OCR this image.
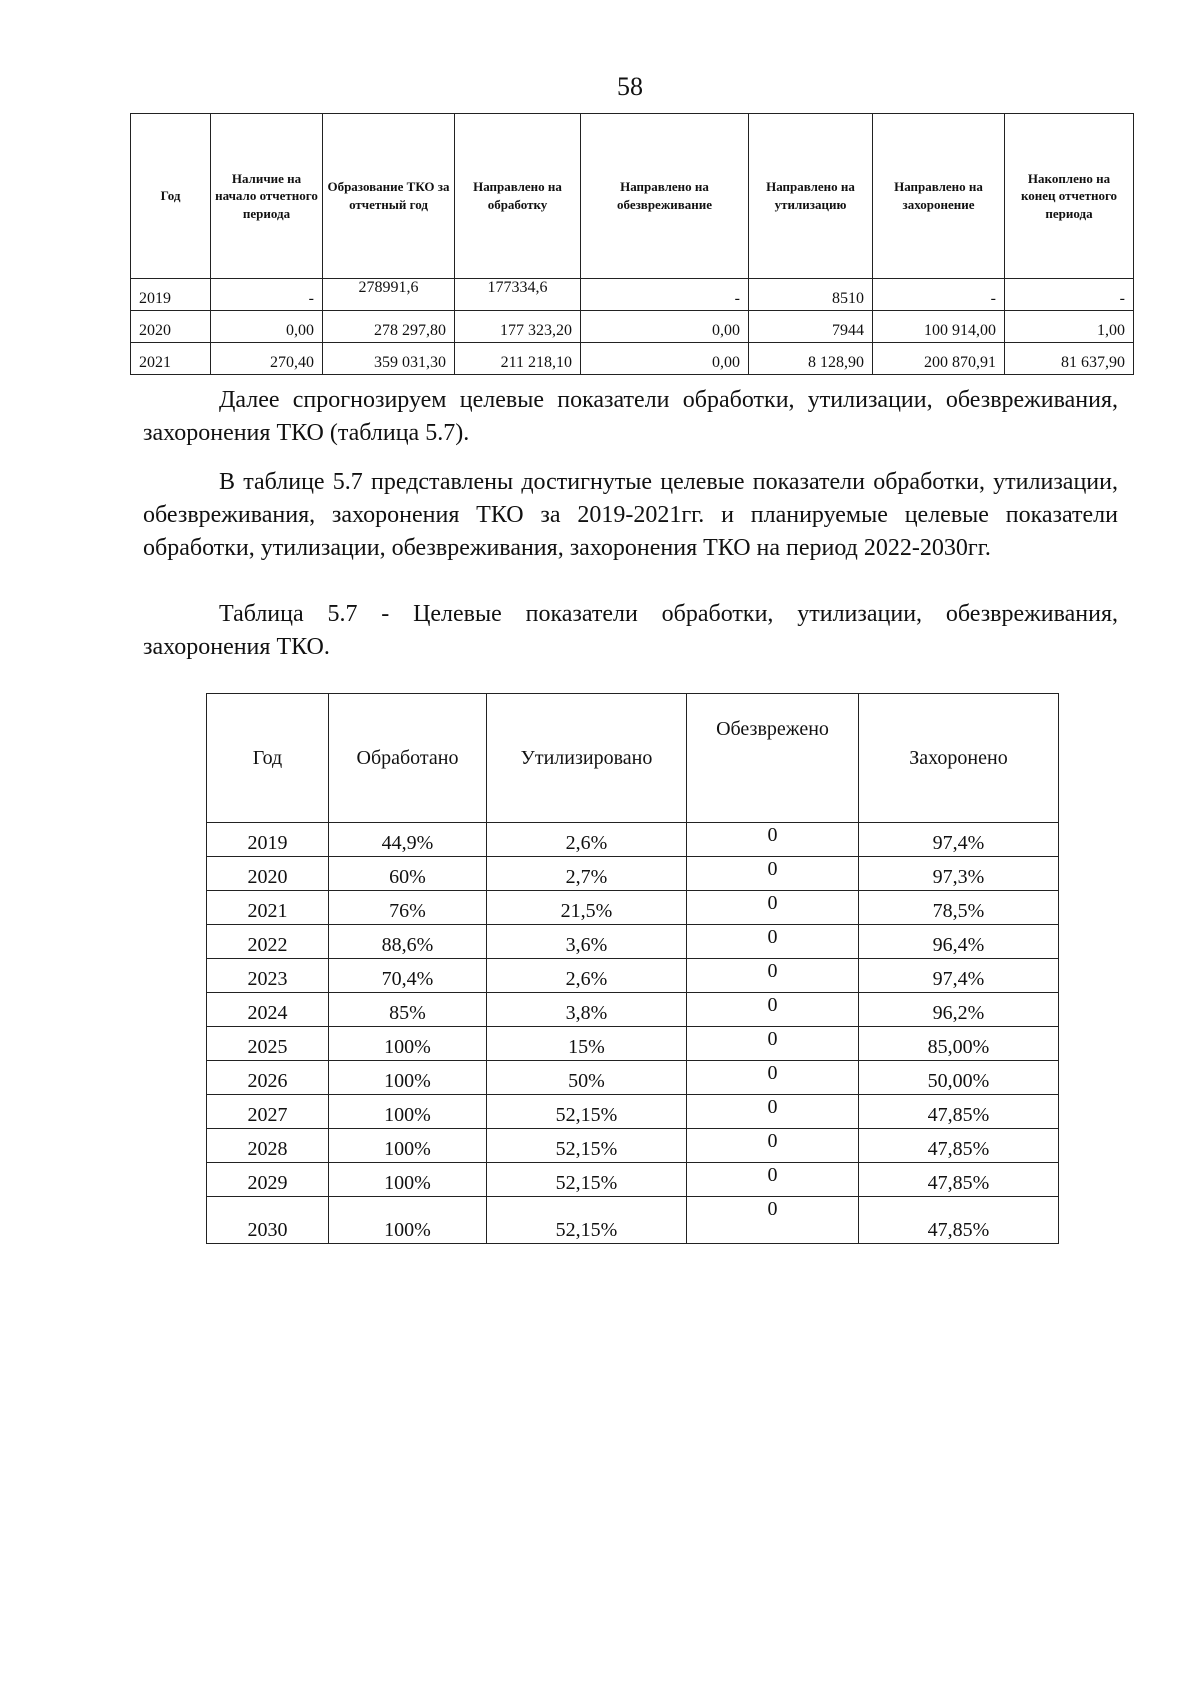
58
Год	Наличие на начало отчетного периода	Образование ТКО за отчетный год	Направлено на обработку	Направлено на обезвреживание	Направлено на утилизацию	Направлено на захоронение	Накоплено на конец отчетного периода
2019	-	278991,6	177334,6	-	8510	-	-
2020	0,00	278 297,80	177 323,20	0,00	7944	100 914,00	1,00
2021	270,40	359 031,30	211 218,10	0,00	8 128,90	200 870,91	81 637,90

Далее спрогнозируем целевые показатели обработки, утилизации, обезвреживания, захоронения ТКО (таблица 5.7).

В таблице 5.7 представлены достигнутые целевые показатели обработки, утилизации, обезвреживания, захоронения ТКО за 2019-2021гг. и планируемые целевые показатели обработки, утилизации, обезвреживания, захоронения ТКО на период 2022-2030гг.

Таблица 5.7 - Целевые показатели обработки, утилизации, обезвреживания, захоронения ТКО.

Год	Обработано	Утилизировано	Обезврежено	Захоронено
2019	44,9%	2,6%	0	97,4%
2020	60%	2,7%	0	97,3%
2021	76%	21,5%	0	78,5%
2022	88,6%	3,6%	0	96,4%
2023	70,4%	2,6%	0	97,4%
2024	85%	3,8%	0	96,2%
2025	100%	15%	0	85,00%
2026	100%	50%	0	50,00%
2027	100%	52,15%	0	47,85%
2028	100%	52,15%	0	47,85%
2029	100%	52,15%	0	47,85%
2030	100%	52,15%	0	47,85%
